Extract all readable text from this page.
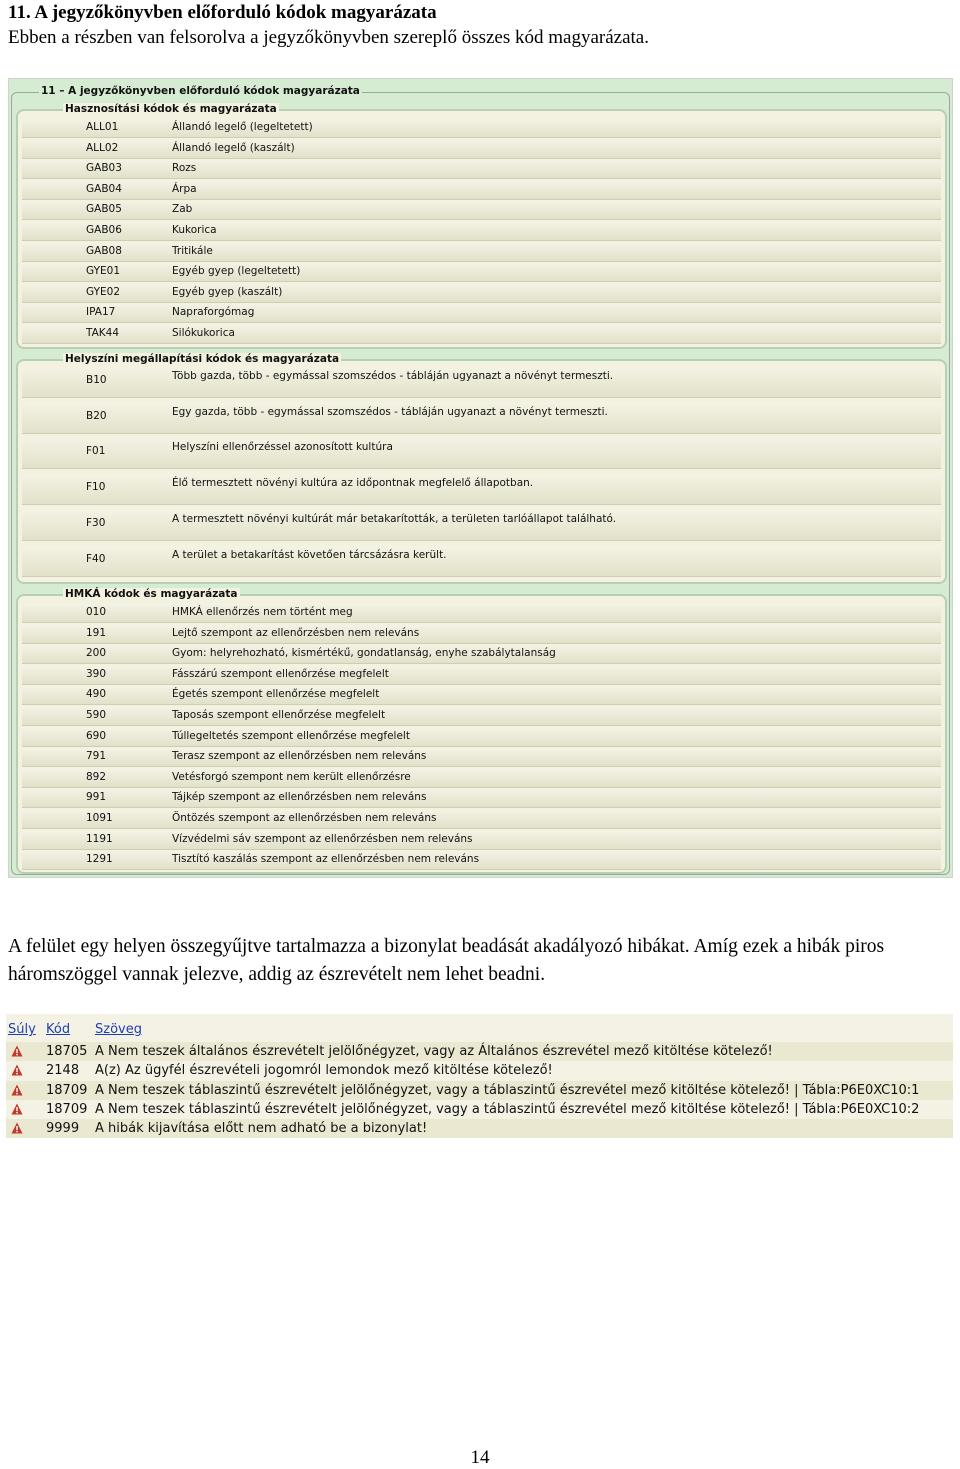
11. A jegyzőkönyvben előforduló kódok magyarázata
Ebben a részben van felsorolva a jegyzőkönyvben szereplő összes kód magyarázata.
11 – A jegyzőkönyvben előforduló kódok magyarázata
Hasznosítási kódok és magyarázata
ALL01	Állandó legelő (legeltetett)
ALL02	Állandó legelő (kaszált)
GAB03	Rozs
GAB04	Árpa
GAB05	Zab
GAB06	Kukorica
GAB08	Tritikále
GYE01	Egyéb gyep (legeltetett)
GYE02	Egyéb gyep (kaszált)
IPA17	Napraforgómag
TAK44	Silókukorica
Helyszíni megállapítási kódok és magyarázata
B10	Több gazda, több - egymással szomszédos - tábláján ugyanazt a növényt termeszti.
B20	Egy gazda, több - egymással szomszédos - tábláján ugyanazt a növényt termeszti.
F01	Helyszíni ellenőrzéssel azonosított kultúra
F10	Élő termesztett növényi kultúra az időpontnak megfelelő állapotban.
F30	A termesztett növényi kultúrát már betakarították, a területen tarlóállapot található.
F40	A terület a betakarítást követően tárcsázásra került.
HMKÁ kódok és magyarázata
010	HMKÁ ellenőrzés nem történt meg
191	Lejtő szempont az ellenőrzésben nem releváns
200	Gyom: helyrehozható, kismértékű, gondatlanság, enyhe szabálytalanság
390	Fásszárú szempont ellenőrzése megfelelt
490	Égetés szempont ellenőrzése megfelelt
590	Taposás szempont ellenőrzése megfelelt
690	Túllegeltetés szempont ellenőrzése megfelelt
791	Terasz szempont az ellenőrzésben nem releváns
892	Vetésforgó szempont nem került ellenőrzésre
991	Tájkép szempont az ellenőrzésben nem releváns
1091	Öntözés szempont az ellenőrzésben nem releváns
1191	Vízvédelmi sáv szempont az ellenőrzésben nem releváns
1291	Tisztító kaszálás szempont az ellenőrzésben nem releváns
A felület egy helyen összegyűjtve tartalmazza a bizonylat beadását akadályozó hibákat. Amíg ezek a hibák piros háromszöggel vannak jelezve, addig az észrevételt nem lehet beadni.
Súly Kód Szöveg
18705 A Nem teszek általános észrevételt jelölőnégyzet, vagy az Általános észrevétel mező kitöltése kötelező!
2148 A(z) Az ügyfél észrevételi jogomról lemondok mező kitöltése kötelező!
18709 A Nem teszek táblaszintű észrevételt jelölőnégyzet, vagy a táblaszintű észrevétel mező kitöltése kötelező! | Tábla:P6E0XC10:1
18709 A Nem teszek táblaszintű észrevételt jelölőnégyzet, vagy a táblaszintű észrevétel mező kitöltése kötelező! | Tábla:P6E0XC10:2
9999 A hibák kijavítása előtt nem adható be a bizonylat!
14
